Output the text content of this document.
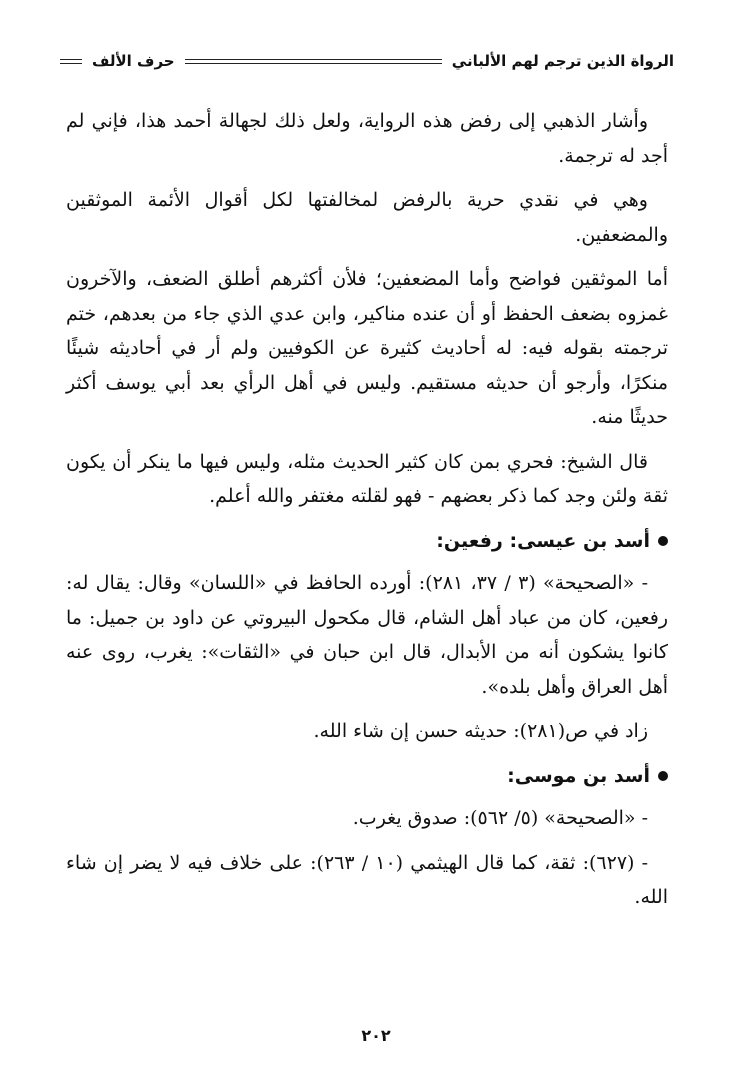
الرواة الذين ترجم لهم الألباني
حرف الألف

وأشار الذهبي إلى رفض هذه الرواية، ولعل ذلك لجهالة أحمد هذا، فإني لم أجد له ترجمة.

وهي في نقدي حرية بالرفض لمخالفتها لكل أقوال الأئمة الموثقين والمضعفين.

أما الموثقين فواضح وأما المضعفين؛ فلأن أكثرهم أطلق الضعف، والآخرون غمزوه بضعف الحفظ أو أن عنده مناكير، وابن عدي الذي جاء من بعدهم، ختم ترجمته بقوله فيه: له أحاديث كثيرة عن الكوفيين ولم أر في أحاديثه شيئًا منكرًا، وأرجو أن حديثه مستقيم. وليس في أهل الرأي بعد أبي يوسف أكثر حديثًا منه.

قال الشيخ: فحري بمن كان كثير الحديث مثله، وليس فيها ما ينكر أن يكون ثقة ولئن وجد كما ذكر بعضهم - فهو لقلته مغتفر والله أعلم.

أسد بن عيسى: رفعين:

- «الصحيحة» (٣ / ٣٧، ٢٨١): أورده الحافظ في «اللسان» وقال: يقال له: رفعين، كان من عباد أهل الشام، قال مكحول البيروتي عن داود بن جميل: ما كانوا يشكون أنه من الأبدال، قال ابن حبان في «الثقات»: يغرب، روى عنه أهل العراق وأهل بلده».

زاد في ص(٢٨١): حديثه حسن إن شاء الله.

أسد بن موسى:

- «الصحيحة» (٥/ ٥٦٢): صدوق يغرب.

- (٦٢٧): ثقة، كما قال الهيثمي (١٠ / ٢٦٣): على خلاف فيه لا يضر إن شاء الله.

٢٠٢
